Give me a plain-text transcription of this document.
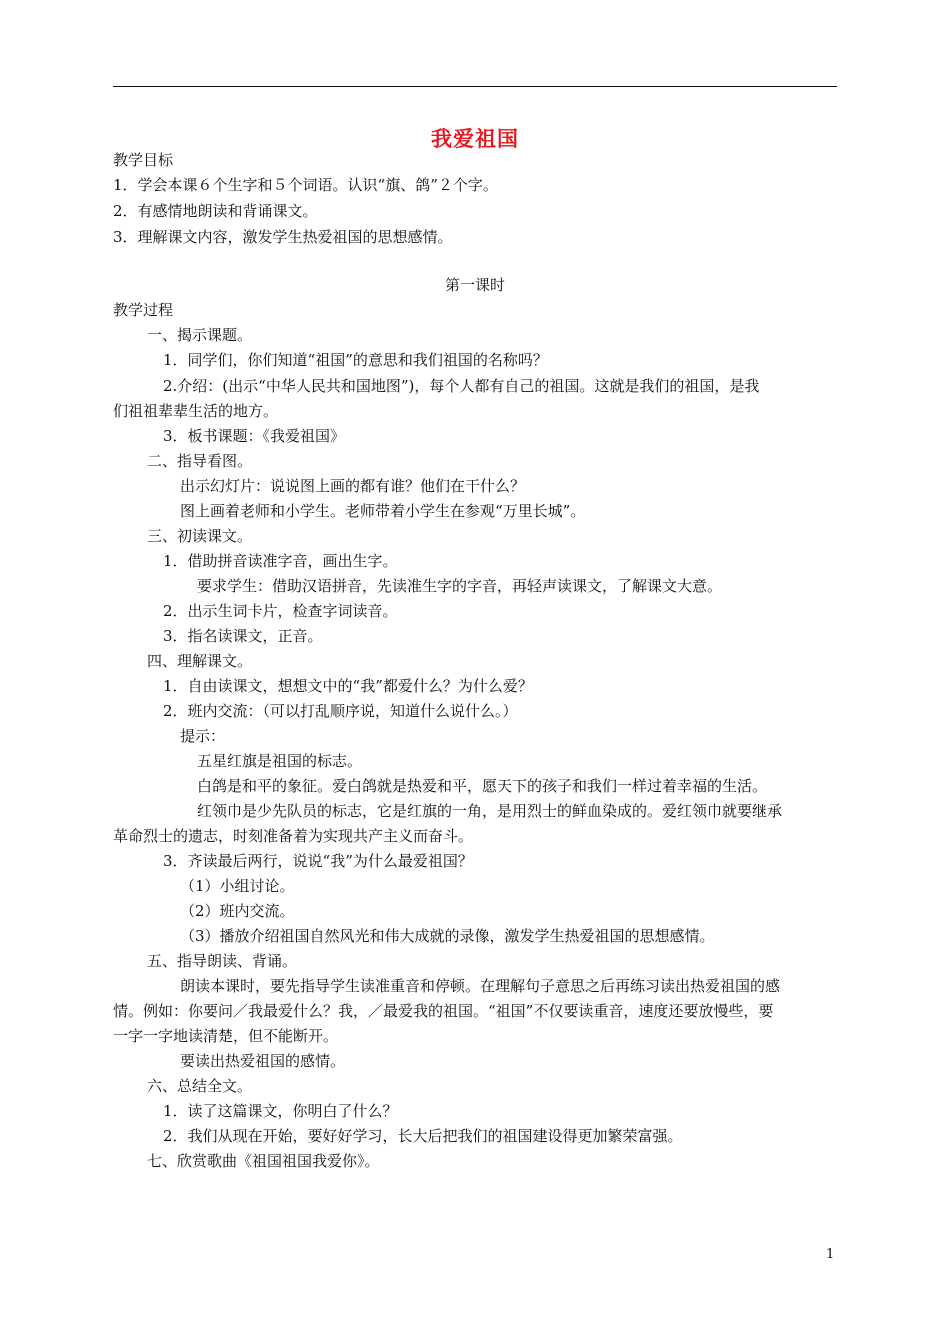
我爱祖国
教学目标
1．学会本课６个生字和５个词语。认识“旗、鸽”２个字。
2．有感情地朗读和背诵课文。
3．理解课文内容，激发学生热爱祖国的思想感情。
第一课时
教学过程
一、揭示课题。
1．同学们，你们知道“祖国”的意思和我们祖国的名称吗？
2.介绍：(出示“中华人民共和国地图”)，每个人都有自己的祖国。这就是我们的祖国，是我
们祖祖辈辈生活的地方。
3．板书课题：《我爱祖国》
二、指导看图。
出示幻灯片：说说图上画的都有谁？他们在干什么？
图上画着老师和小学生。老师带着小学生在参观“万里长城”。
三、初读课文。
1．借助拼音读准字音，画出生字。
要求学生：借助汉语拼音，先读准生字的字音，再轻声读课文，了解课文大意。
2．出示生词卡片，检查字词读音。
3．指名读课文，正音。
四、理解课文。
1．自由读课文，想想文中的“我”都爱什么？为什么爱？
2．班内交流：（可以打乱顺序说，知道什么说什么。）
提示：
五星红旗是祖国的标志。
白鸽是和平的象征。爱白鸽就是热爱和平，愿天下的孩子和我们一样过着幸福的生活。
红领巾是少先队员的标志，它是红旗的一角，是用烈士的鲜血染成的。爱红领巾就要继承
革命烈士的遗志，时刻准备着为实现共产主义而奋斗。
3．齐读最后两行，说说“我”为什么最爱祖国？
（1）小组讨论。
（2）班内交流。
（3）播放介绍祖国自然风光和伟大成就的录像，激发学生热爱祖国的思想感情。
五、指导朗读、背诵。
朗读本课时，要先指导学生读准重音和停顿。在理解句子意思之后再练习读出热爱祖国的感
情。例如：你要问／我最爱什么？我，／最爱我的祖国。“祖国”不仅要读重音，速度还要放慢些，要
一字一字地读清楚，但不能断开。
要读出热爱祖国的感情。
六、总结全文。
1．读了这篇课文，你明白了什么？
2．我们从现在开始，要好好学习，长大后把我们的祖国建设得更加繁荣富强。
七、欣赏歌曲《祖国祖国我爱你》。
1
